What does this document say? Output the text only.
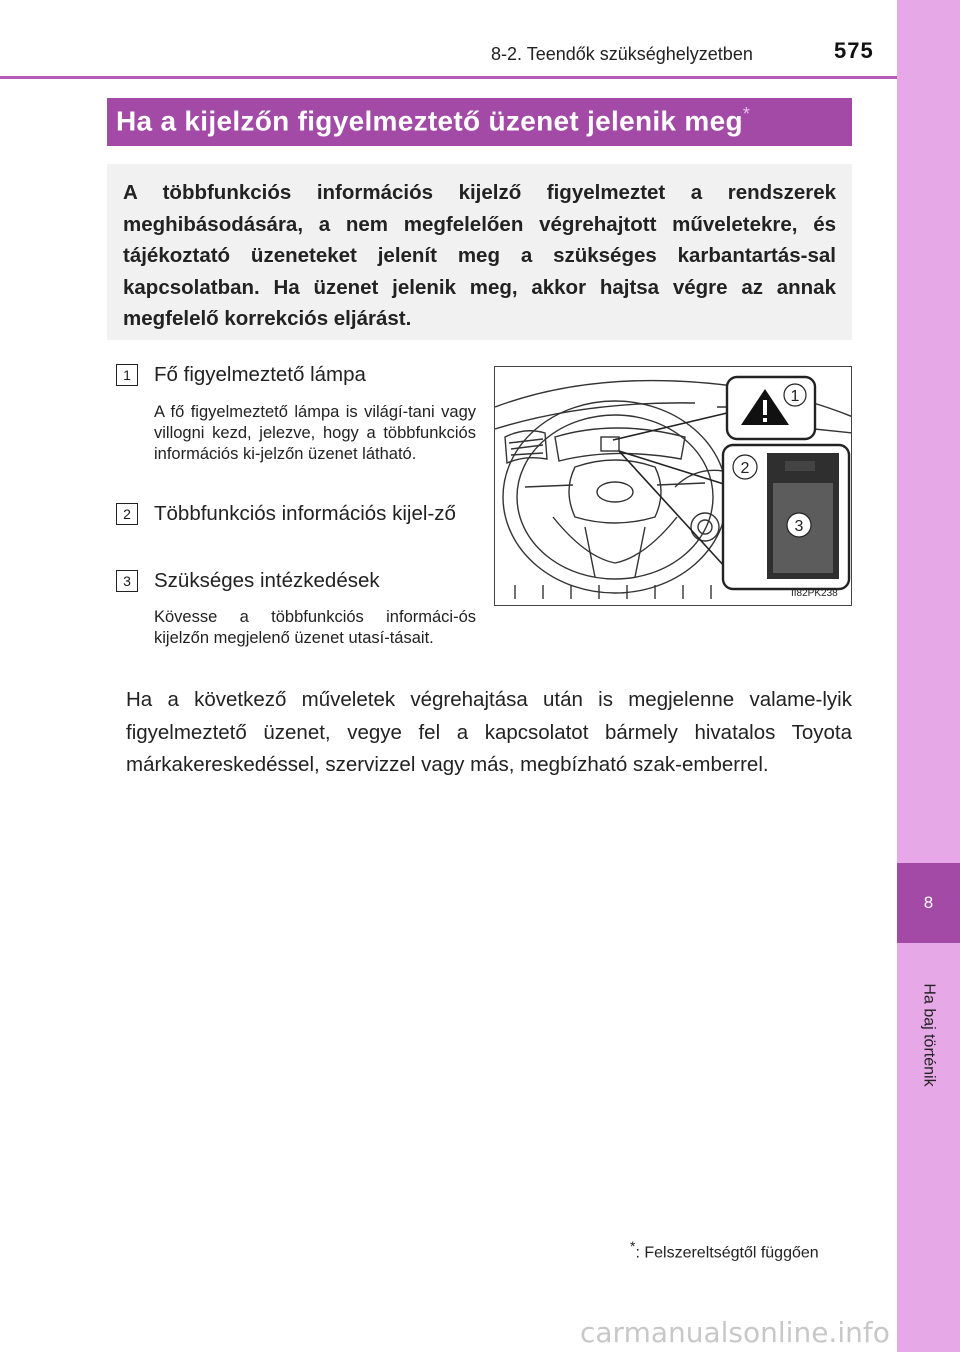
8
Ha baj történik
8-2. Teendők szükséghelyzetben	575
Ha a kijelzőn figyelmeztető üzenet jelenik meg*

A többfunkciós információs kijelző figyelmeztet a rendszerek meghibásodására, a nem megfelelően végrehajtott műveletekre, és tájékoztató üzeneteket jelenít meg a szükséges karbantartás-sal kapcsolatban. Ha üzenet jelenik meg, akkor hajtsa végre az annak megfelelő korrekciós eljárást.

1	Fő figyelmeztető lámpa
A fő figyelmeztető lámpa is világí-tani vagy villogni kezd, jelezve, hogy a többfunkciós információs ki-jelzőn üzenet látható.
2	Többfunkciós információs kijel-ző
3	Szükséges intézkedések
Kövesse a többfunkciós informáci-ós kijelzőn megjelenő üzenet utasí-tásait.
1
2
3
II82PK238

Ha a következő műveletek végrehajtása után is megjelenne valame-lyik figyelmeztető üzenet, vegye fel a kapcsolatot bármely hivatalos Toyota márkakereskedéssel, szervizzel vagy más, megbízható szak-emberrel.

*: Felszereltségtől függően
carmanualsonline.info
